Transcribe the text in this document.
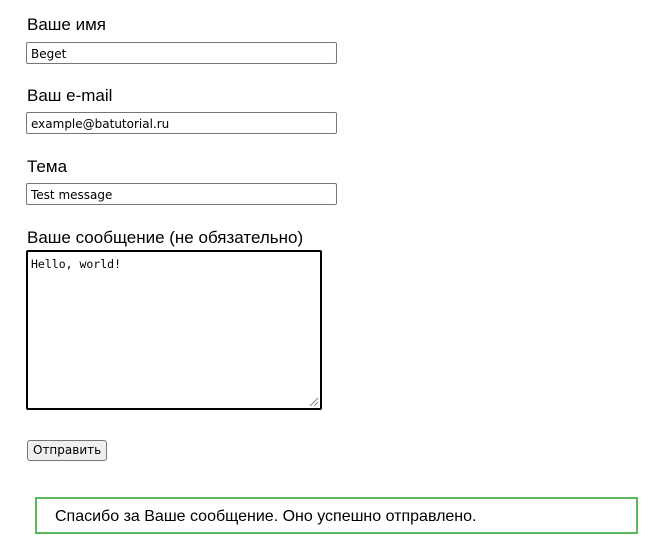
Ваше имя
Beget
Ваш e-mail
example@batutorial.ru
Тема
Test message
Ваше сообщение (не обязательно)
Hello, world!
Отправить
Спасибо за Ваше сообщение. Оно успешно отправлено.
